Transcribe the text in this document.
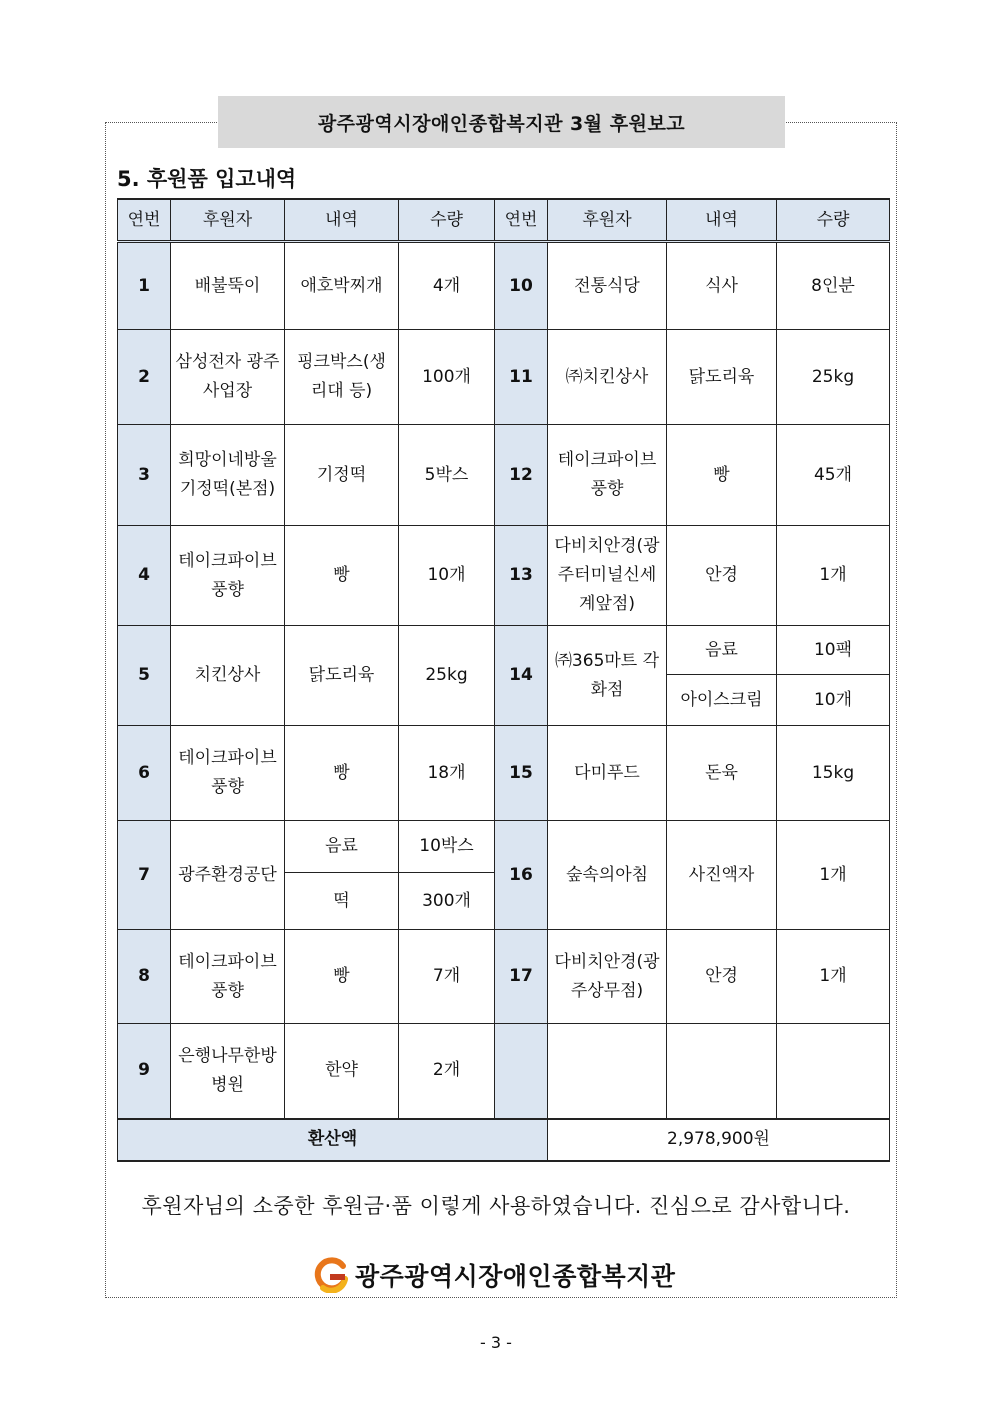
광주광역시장애인종합복지관 3월 후원보고
5. 후원품 입고내역
연번	후원자	내역	수량	연번	후원자	내역	수량
1	배불뚝이	애호박찌개	4개	10	전통식당	식사	8인분
2	삼성전자 광주사업장	핑크박스(생리대 등)	100개	11	㈜치킨상사	닭도리육	25kg
3	희망이네방울기정떡(본점)	기정떡	5박스	12	테이크파이브 풍향	빵	45개
4	테이크파이브 풍향	빵	10개	13	다비치안경(광주터미널신세계앞점)	안경	1개
5	치킨상사	닭도리육	25kg	14	㈜365마트 각화점	음료	10팩
						아이스크림	10개
6	테이크파이브 풍향	빵	18개	15	다미푸드	돈육	15kg
7	광주환경공단	음료	10박스	16	숲속의아침	사진액자	1개
		떡	300개				
8	테이크파이브 풍향	빵	7개	17	다비치안경(광주상무점)	안경	1개
9	은행나무한방병원	한약	2개				
환산액					2,978,900원		
후원자님의 소중한 후원금·품 이렇게 사용하였습니다. 진심으로 감사합니다.
광주광역시장애인종합복지관
- 3 -
